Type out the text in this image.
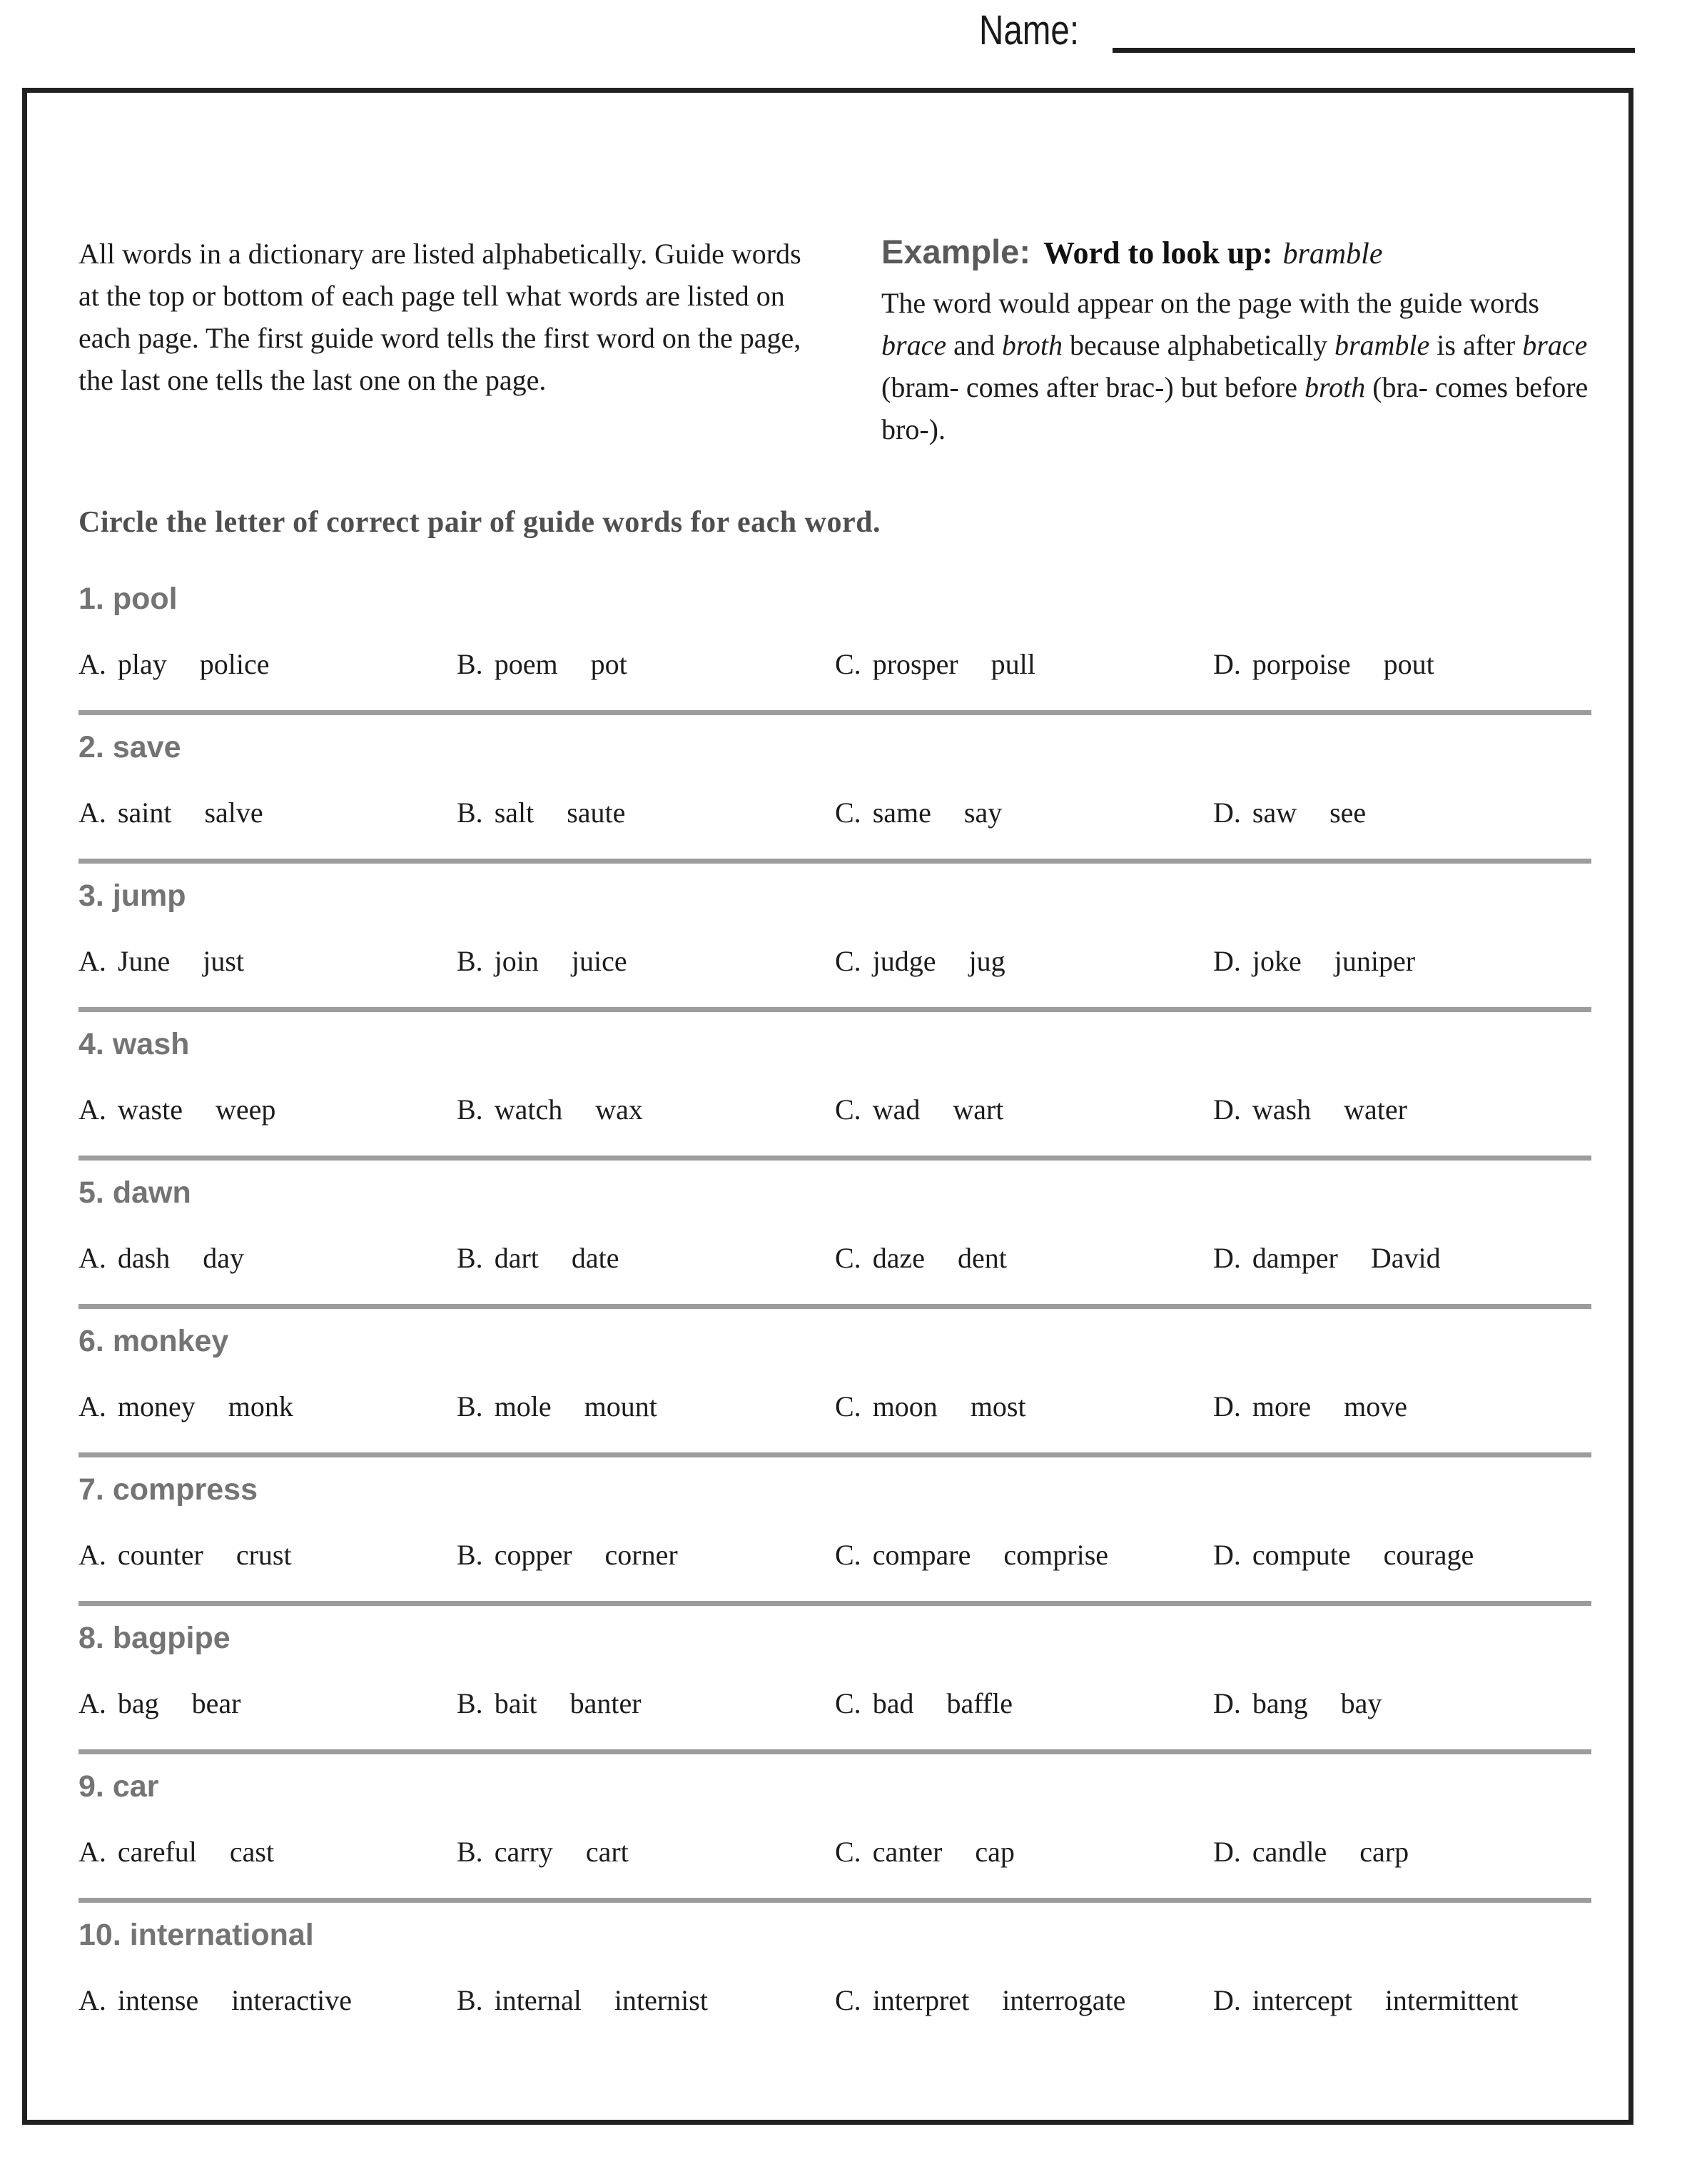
Name:

All words in a dictionary are listed alphabetically. Guide words at the top or bottom of each page tell what words are listed on each page. The first guide word tells the first word on the page, the last one tells the last one on the page.

Example: Word to look up: bramble

The word would appear on the page with the guide words brace and broth because alphabetically bramble is after brace (bram- comes after brac-) but before broth (bra- comes before bro-).

Circle the letter of correct pair of guide words for each word.

1. pool
A. play police	B. poem pot	C. prosper pull	D. porpoise pout
2. save
A. saint salve	B. salt saute	C. same say	D. saw see
3. jump
A. June just	B. join juice	C. judge jug	D. joke juniper
4. wash
A. waste weep	B. watch wax	C. wad wart	D. wash water
5. dawn
A. dash day	B. dart date	C. daze dent	D. damper David
6. monkey
A. money monk	B. mole mount	C. moon most	D. more move
7. compress
A. counter crust	B. copper corner	C. compare comprise	D. compute courage
8. bagpipe
A. bag bear	B. bait banter	C. bad baffle	D. bang bay
9. car
A. careful cast	B. carry cart	C. canter cap	D. candle carp
10. international
A. intense interactive	B. internal internist	C. interpret interrogate	D. intercept intermittent
